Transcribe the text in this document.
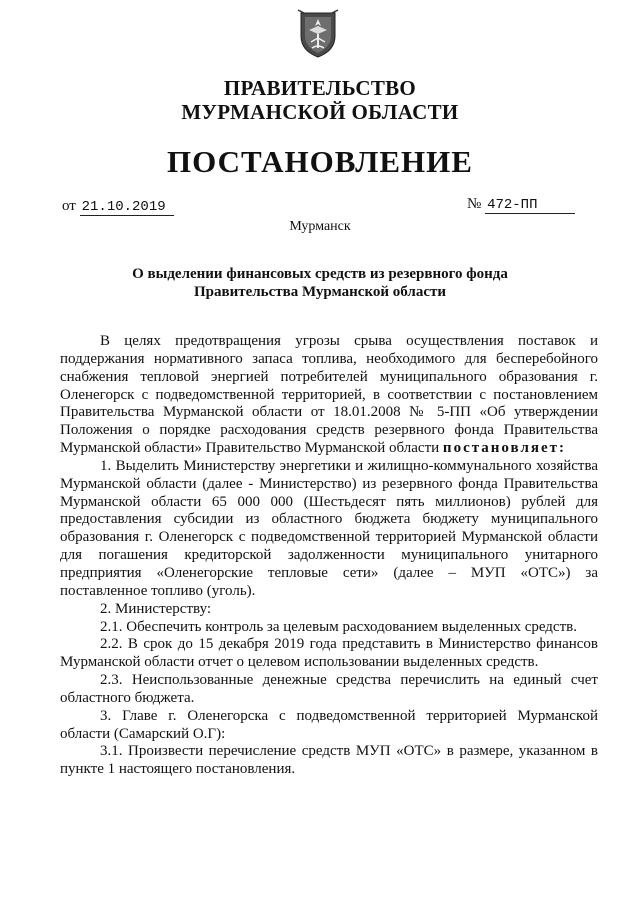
ПРАВИТЕЛЬСТВО
МУРМАНСКОЙ ОБЛАСТИ
ПОСТАНОВЛЕНИЕ
от 21.10.2019	№ 472-ПП
Мурманск
О выделении финансовых средств из резервного фонда
Правительства Мурманской области

В целях предотвращения угрозы срыва осуществления поставок и поддержания нормативного запаса топлива, необходимого для бесперебойного снабжения тепловой энергией потребителей муниципального образования г. Оленегорск с подведомственной территорией, в соответствии с постановлением Правительства Мурманской области от 18.01.2008 № 5-ПП «Об утверждении Положения о порядке расходования средств резервного фонда Правительства Мурманской области» Правительство Мурманской области постановляет:

1. Выделить Министерству энергетики и жилищно-коммунального хозяйства Мурманской области (далее - Министерство) из резервного фонда Правительства Мурманской области 65 000 000 (Шестьдесят пять миллионов) рублей для предоставления субсидии из областного бюджета бюджету муниципального образования г. Оленегорск с подведомственной территорией Мурманской области для погашения кредиторской задолженности муниципального унитарного предприятия «Оленегорские тепловые сети» (далее – МУП «ОТС») за поставленное топливо (уголь).

2. Министерству:

2.1. Обеспечить контроль за целевым расходованием выделенных средств.

2.2. В срок до 15 декабря 2019 года представить в Министерство финансов Мурманской области отчет о целевом использовании выделенных средств.

2.3. Неиспользованные денежные средства перечислить на единый счет областного бюджета.

3. Главе г. Оленегорска с подведомственной территорией Мурманской области (Самарский О.Г):

3.1. Произвести перечисление средств МУП «ОТС» в размере, указанном в пункте 1 настоящего постановления.
